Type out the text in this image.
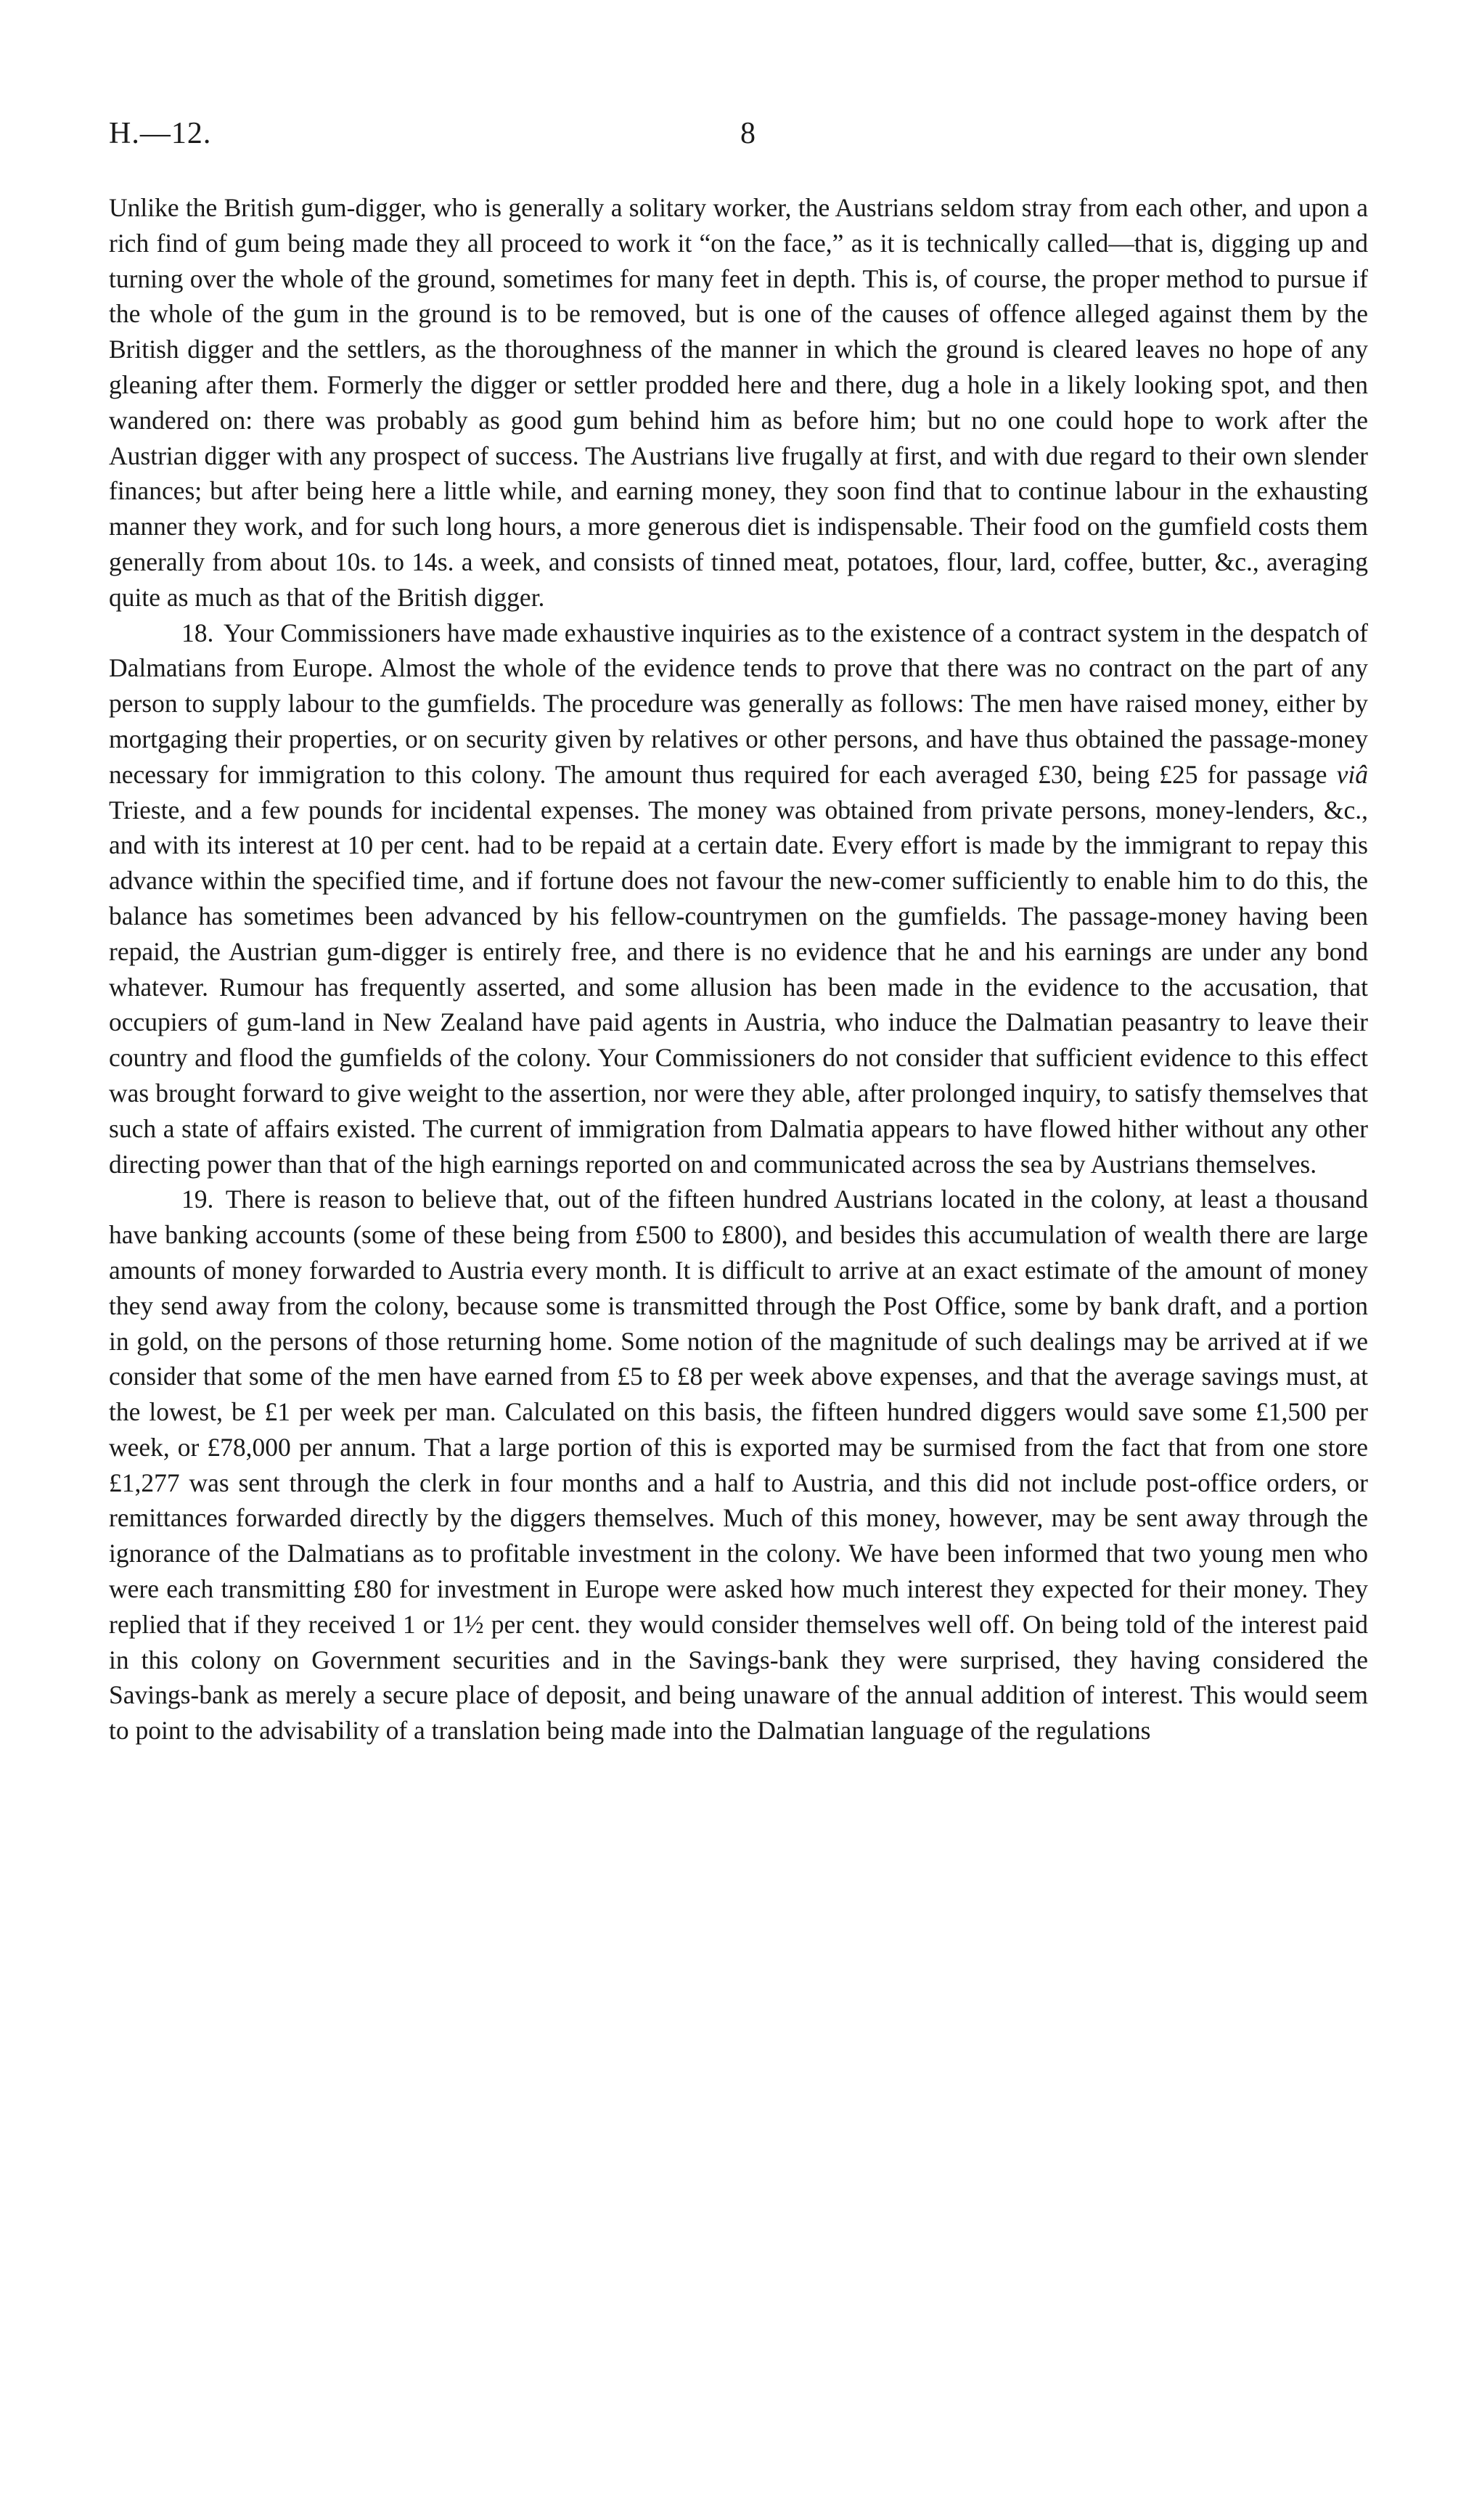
H.—12.	8

Unlike the British gum-digger, who is generally a solitary worker, the Austrians seldom stray from each other, and upon a rich find of gum being made they all proceed to work it “on the face,” as it is technically called—that is, digging up and turning over the whole of the ground, sometimes for many feet in depth. This is, of course, the proper method to pursue if the whole of the gum in the ground is to be removed, but is one of the causes of offence alleged against them by the British digger and the settlers, as the thoroughness of the manner in which the ground is cleared leaves no hope of any gleaning after them. Formerly the digger or settler prodded here and there, dug a hole in a likely looking spot, and then wandered on: there was probably as good gum behind him as before him; but no one could hope to work after the Austrian digger with any prospect of success. The Austrians live frugally at first, and with due regard to their own slender finances; but after being here a little while, and earning money, they soon find that to continue labour in the exhausting manner they work, and for such long hours, a more generous diet is indispensable. Their food on the gumfield costs them generally from about 10s. to 14s. a week, and consists of tinned meat, potatoes, flour, lard, coffee, butter, &c., averaging quite as much as that of the British digger.

18. Your Commissioners have made exhaustive inquiries as to the existence of a contract system in the despatch of Dalmatians from Europe. Almost the whole of the evidence tends to prove that there was no contract on the part of any person to supply labour to the gumfields. The procedure was generally as follows: The men have raised money, either by mortgaging their properties, or on security given by relatives or other persons, and have thus obtained the passage-money necessary for immigration to this colony. The amount thus required for each averaged £30, being £25 for passage viâ Trieste, and a few pounds for incidental expenses. The money was obtained from private persons, money-lenders, &c., and with its interest at 10 per cent. had to be repaid at a certain date. Every effort is made by the immigrant to repay this advance within the specified time, and if fortune does not favour the new-comer sufficiently to enable him to do this, the balance has sometimes been advanced by his fellow-countrymen on the gumfields. The passage-money having been repaid, the Austrian gum-digger is entirely free, and there is no evidence that he and his earnings are under any bond whatever. Rumour has frequently asserted, and some allusion has been made in the evidence to the accusation, that occupiers of gum-land in New Zealand have paid agents in Austria, who induce the Dalmatian peasantry to leave their country and flood the gumfields of the colony. Your Commissioners do not consider that sufficient evidence to this effect was brought forward to give weight to the assertion, nor were they able, after prolonged inquiry, to satisfy themselves that such a state of affairs existed. The current of immigration from Dalmatia appears to have flowed hither without any other directing power than that of the high earnings reported on and communicated across the sea by Austrians themselves.

19. There is reason to believe that, out of the fifteen hundred Austrians located in the colony, at least a thousand have banking accounts (some of these being from £500 to £800), and besides this accumulation of wealth there are large amounts of money forwarded to Austria every month. It is difficult to arrive at an exact estimate of the amount of money they send away from the colony, because some is transmitted through the Post Office, some by bank draft, and a portion in gold, on the persons of those returning home. Some notion of the magnitude of such dealings may be arrived at if we consider that some of the men have earned from £5 to £8 per week above expenses, and that the average savings must, at the lowest, be £1 per week per man. Calculated on this basis, the fifteen hundred diggers would save some £1,500 per week, or £78,000 per annum. That a large portion of this is exported may be surmised from the fact that from one store £1,277 was sent through the clerk in four months and a half to Austria, and this did not include post-office orders, or remittances forwarded directly by the diggers themselves. Much of this money, however, may be sent away through the ignorance of the Dalmatians as to profitable investment in the colony. We have been informed that two young men who were each transmitting £80 for investment in Europe were asked how much interest they expected for their money. They replied that if they received 1 or 1½ per cent. they would consider themselves well off. On being told of the interest paid in this colony on Government securities and in the Savings-bank they were surprised, they having considered the Savings-bank as merely a secure place of deposit, and being unaware of the annual addition of interest. This would seem to point to the advisability of a translation being made into the Dalmatian language of the regulations
